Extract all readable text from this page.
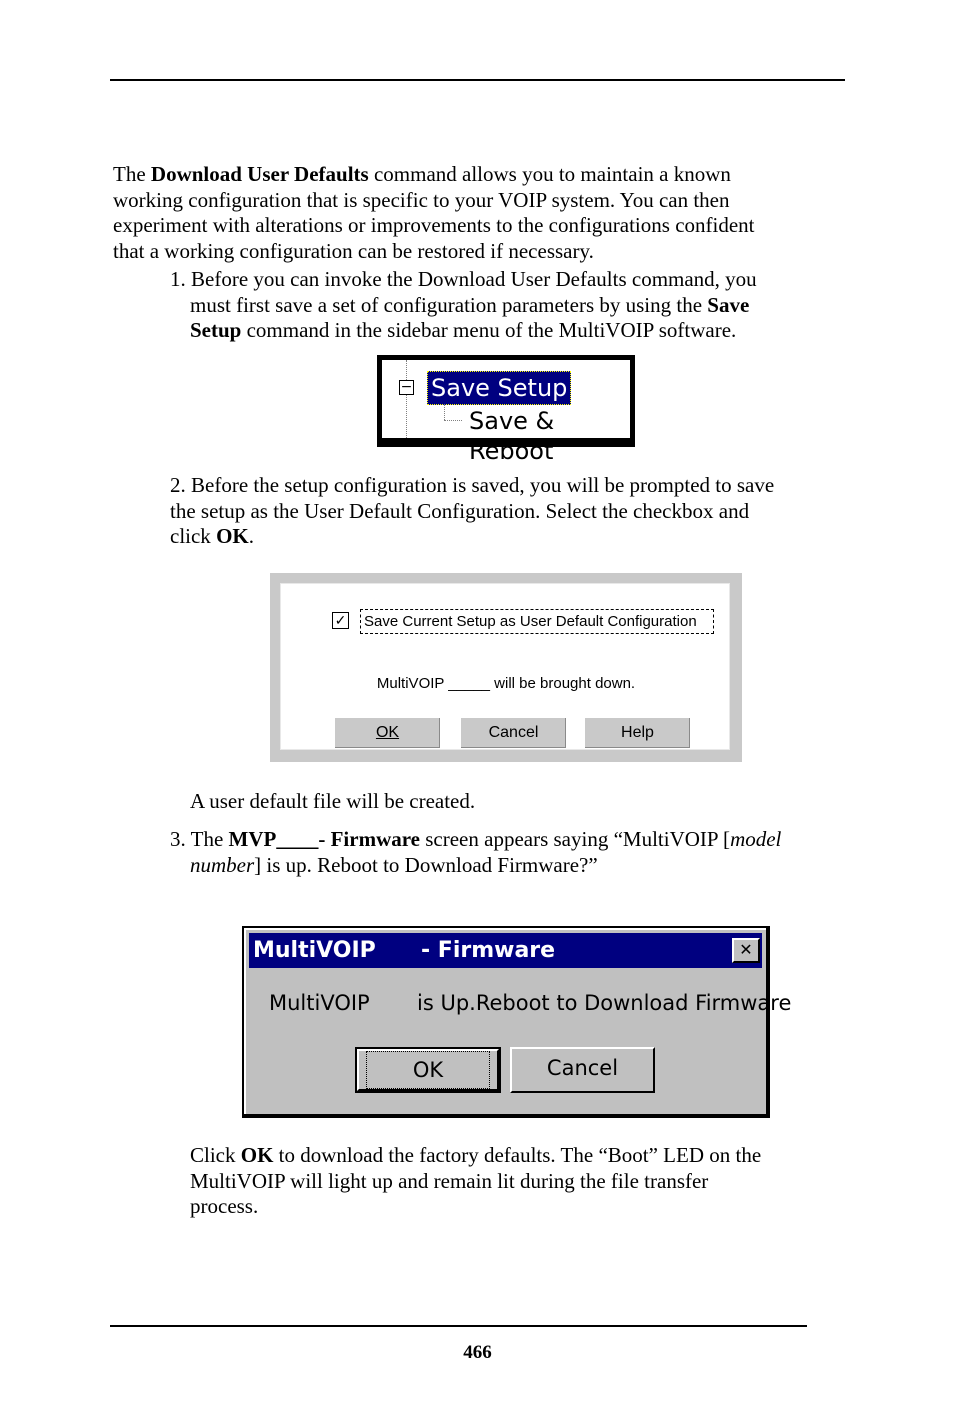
The Download User Defaults command allows you to maintain a known
working configuration that is specific to your VOIP system. You can then
experiment with alterations or improvements to the configurations confident
that a working configuration can be restored if necessary.
1. Before you can invoke the Download User Defaults command, you
must first save a set of configuration parameters by using the Save
Setup command in the sidebar menu of the MultiVOIP software.
− Save Setup
Save & Reboot
2. Before the setup configuration is saved, you will be prompted to save
the setup as the User Default Configuration. Select the checkbox and
click OK.
✓ Save Current Setup as User Default Configuration
MultiVOIP _____ will be brought down.
OK	Cancel	Help
A user default file will be created.
3. The MVP____- Firmware screen appears saying “MultiVOIP [model
number] is up. Reboot to Download Firmware?”
MultiVOIP - Firmware	✕
MultiVOIP is Up.Reboot to Download Firmware
OK	Cancel
Click OK to download the factory defaults. The “Boot” LED on the
MultiVOIP will light up and remain lit during the file transfer
process.
466
